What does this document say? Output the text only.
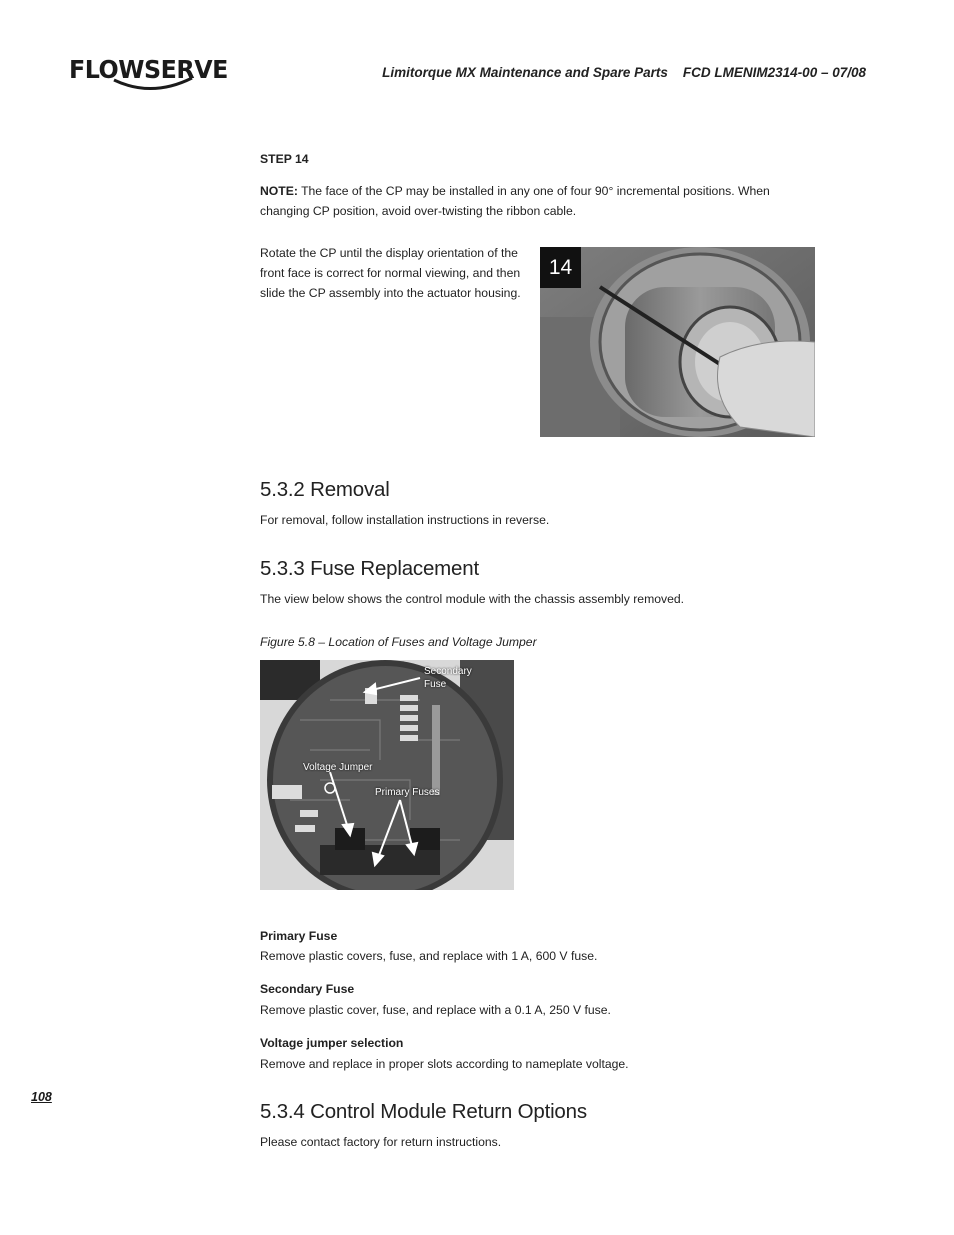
FLOWSERVE	Limitorque MX Maintenance and Spare Parts FCD LMENIM2314-00 – 07/08
STEP 14
NOTE: The face of the CP may be installed in any one of four 90° incremental positions. When changing CP position, avoid over-twisting the ribbon cable.
Rotate the CP until the display orientation of the front face is correct for normal viewing, and then slide the CP assembly into the actuator housing.
14
5.3.2 Removal
For removal, follow installation instructions in reverse.
5.3.3 Fuse Replacement
The view below shows the control module with the chassis assembly removed.
Figure 5.8 – Location of Fuses and Voltage Jumper
Secondary Fuse
Voltage Jumper
Primary Fuses
Primary Fuse
Remove plastic covers, fuse, and replace with 1 A, 600 V fuse.
Secondary Fuse
Remove plastic cover, fuse, and replace with a 0.1 A, 250 V fuse.
Voltage jumper selection
Remove and replace in proper slots according to nameplate voltage.
108
5.3.4 Control Module Return Options
Please contact factory for return instructions.
